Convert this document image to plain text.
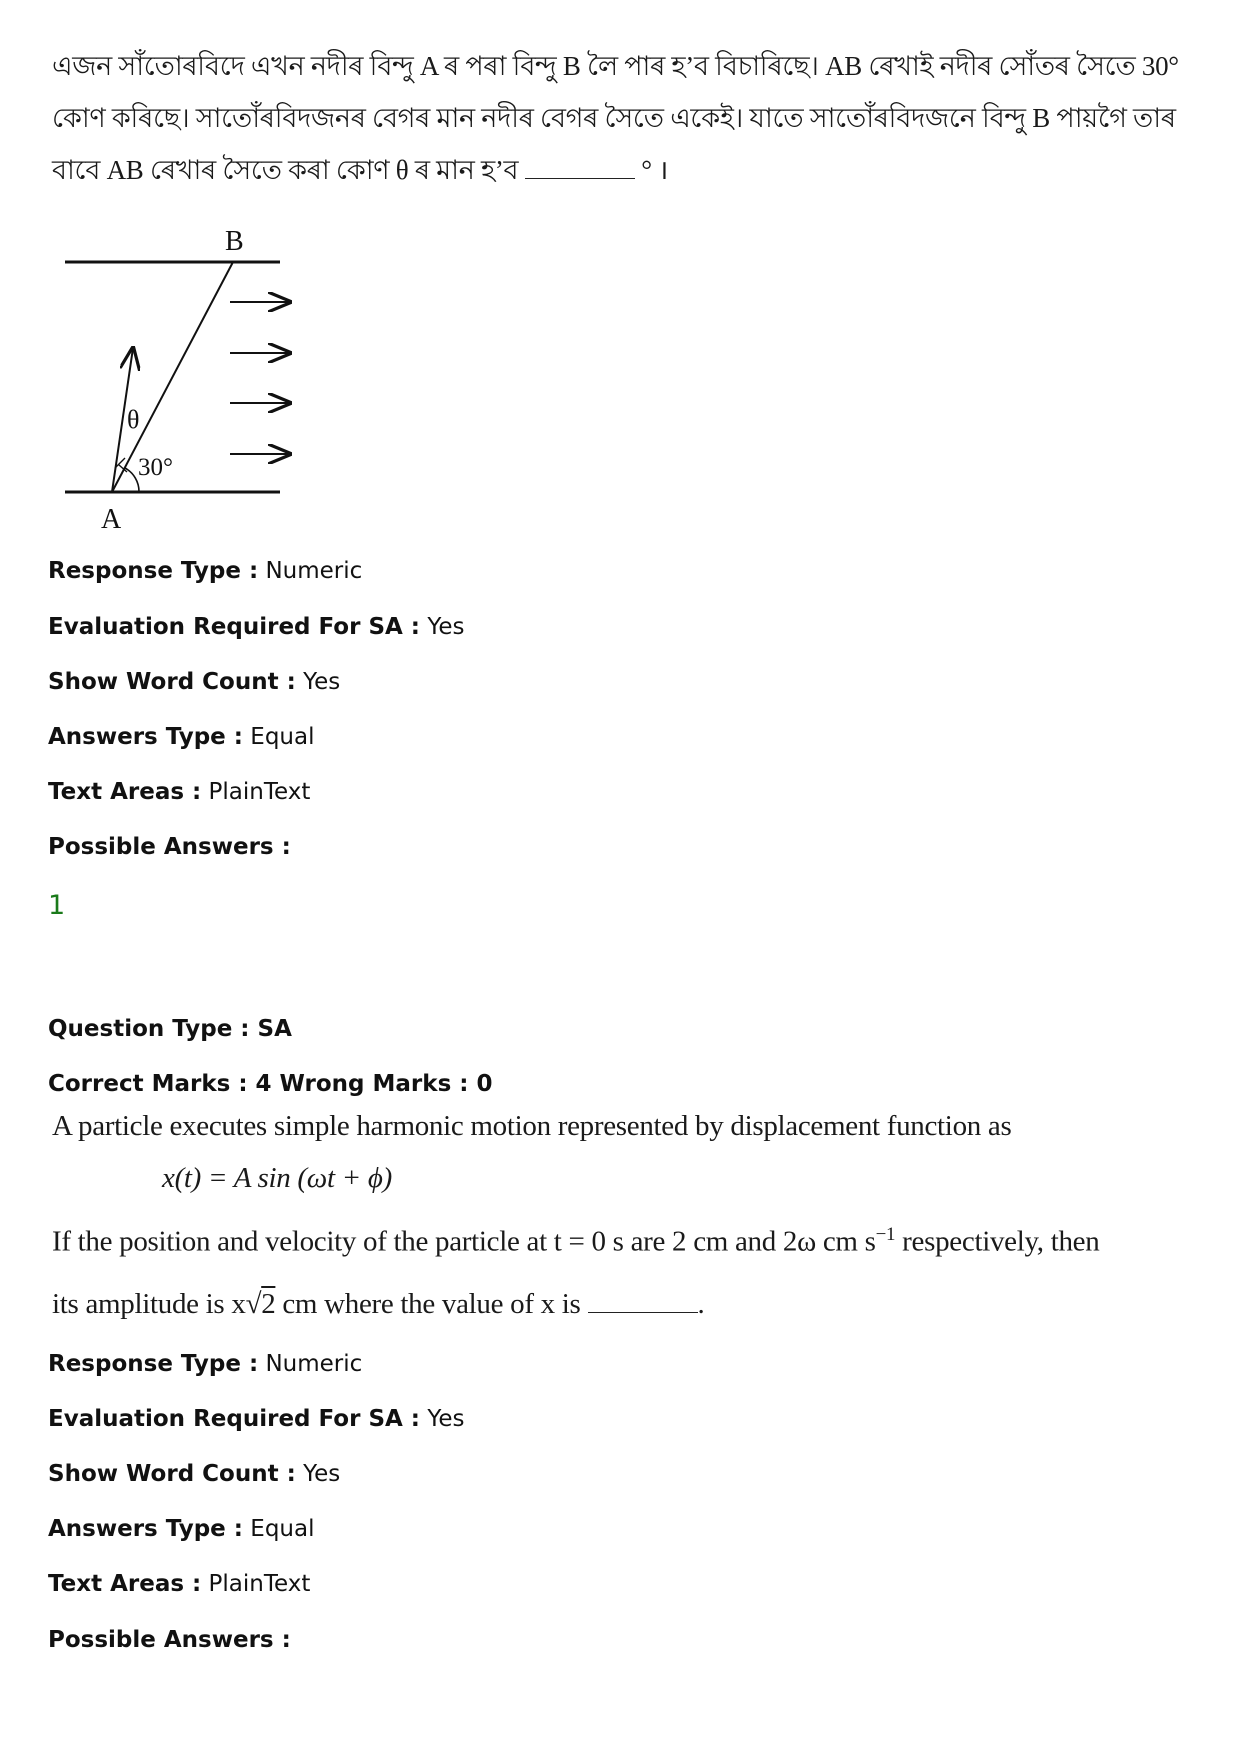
এজন সাঁতোৰবিদে এখন নদীৰ বিন্দু A ৰ পৰা বিন্দু B লৈ পাৰ হ’ব বিচাৰিছে। AB ৰেখাই নদীৰ সোঁতৰ সৈতে 30°
কোণ কৰিছে। সাতোঁৰবিদজনৰ বেগৰ মান নদীৰ বেগৰ সৈতে একেই। যাতে সাতোঁৰবিদজনে বিন্দু B পায়গৈ তাৰ
বাবে AB ৰেখাৰ সৈতে কৰা কোণ θ ৰ মান হ’ব	° ।
B
A
θ
30°
Response Type : Numeric
Evaluation Required For SA : Yes
Show Word Count : Yes
Answers Type : Equal
Text Areas : PlainText
Possible Answers :
1
Question Type : SA
Correct Marks : 4 Wrong Marks : 0
A particle executes simple harmonic motion represented by displacement function as
x(t) = A sin (ωt + ϕ)
If the position and velocity of the particle at t = 0 s are 2 cm and 2ω cm $s^{-1}$ respectively, then
its amplitude is x√2 cm where the value of x is	.
Response Type : Numeric
Evaluation Required For SA : Yes
Show Word Count : Yes
Answers Type : Equal
Text Areas : PlainText
Possible Answers :
